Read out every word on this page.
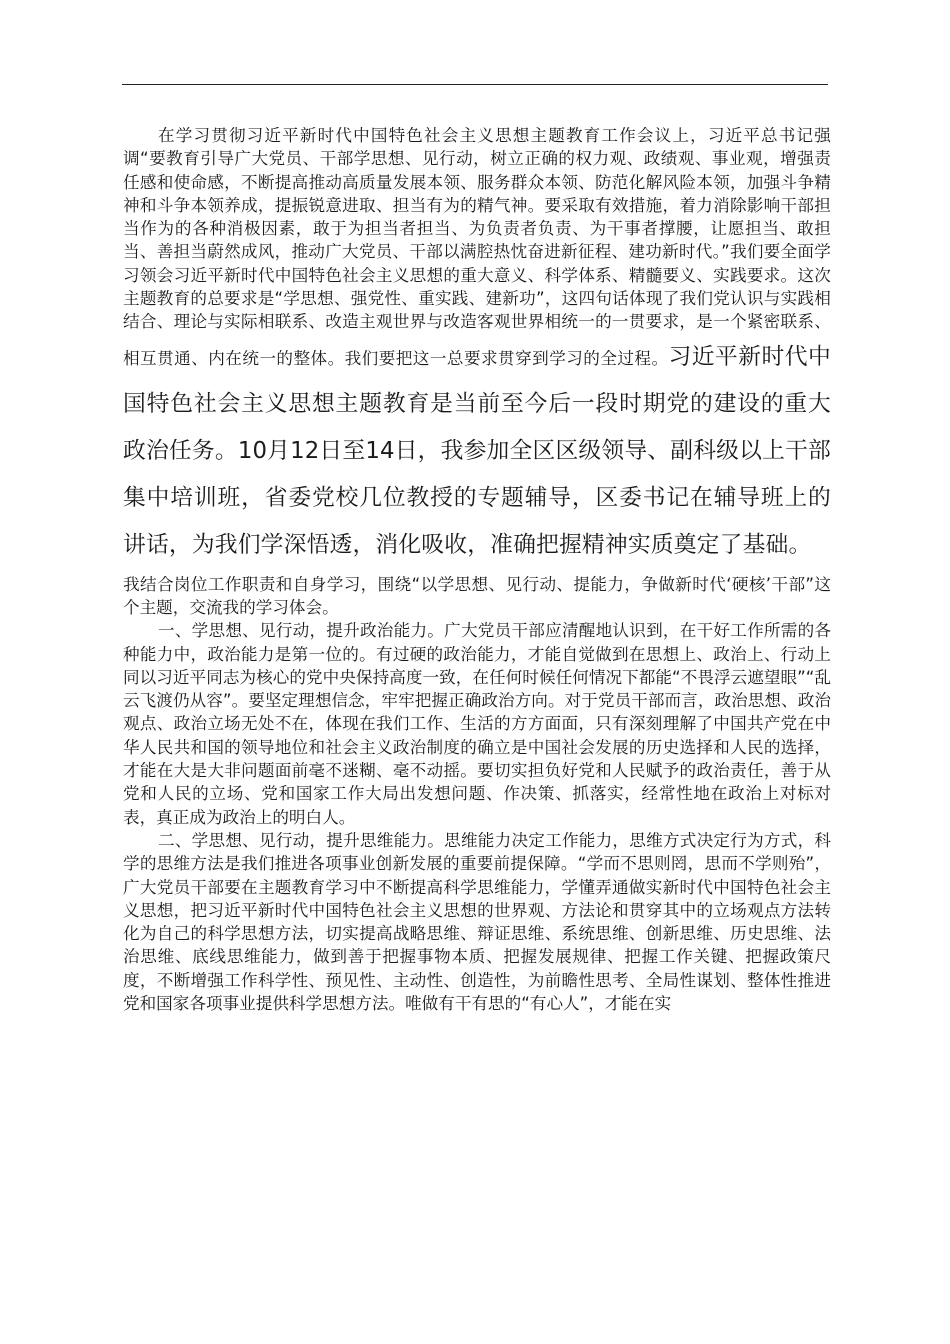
在学习贯彻习近平新时代中国特色社会主义思想主题教育工作会议上，习近平总书记强调“要教育引导广大党员、干部学思想、见行动，树立正确的权力观、政绩观、事业观，增强责任感和使命感，不断提高推动高质量发展本领、服务群众本领、防范化解风险本领，加强斗争精神和斗争本领养成，提振锐意进取、担当有为的精气神。要采取有效措施，着力消除影响干部担当作为的各种消极因素，敢于为担当者担当、为负责者负责、为干事者撑腰，让愿担当、敢担当、善担当蔚然成风，推动广大党员、干部以满腔热忱奋进新征程、建功新时代。”我们要全面学习领会习近平新时代中国特色社会主义思想的重大意义、科学体系、精髓要义、实践要求。这次主题教育的总要求是“学思想、强党性、重实践、建新功”，这四句话体现了我们党认识与实践相结合、理论与实际相联系、改造主观世界与改造客观世界相统一的一贯要求，是一个紧密联系、相互贯通、内在统一的整体。我们要把这一总要求贯穿到学习的全过程。习近平新时代中国特色社会主义思想主题教育是当前至今后一段时期党的建设的重大政治任务。10月12日至14日，我参加全区区级领导、副科级以上干部集中培训班，省委党校几位教授的专题辅导，区委书记在辅导班上的讲话，为我们学深悟透，消化吸收，准确把握精神实质奠定了基础。

我结合岗位工作职责和自身学习，围绕“以学思想、见行动、提能力，争做新时代‘硬核’干部”这个主题，交流我的学习体会。

一、学思想、见行动，提升政治能力。广大党员干部应清醒地认识到，在干好工作所需的各种能力中，政治能力是第一位的。有过硬的政治能力，才能自觉做到在思想上、政治上、行动上同以习近平同志为核心的党中央保持高度一致，在任何时候任何情况下都能“不畏浮云遮望眼”“乱云飞渡仍从容”。要坚定理想信念，牢牢把握正确政治方向。对于党员干部而言，政治思想、政治观点、政治立场无处不在，体现在我们工作、生活的方方面面，只有深刻理解了中国共产党在中华人民共和国的领导地位和社会主义政治制度的确立是中国社会发展的历史选择和人民的选择，才能在大是大非问题面前毫不迷糊、毫不动摇。要切实担负好党和人民赋予的政治责任，善于从党和人民的立场、党和国家工作大局出发想问题、作决策、抓落实，经常性地在政治上对标对表，真正成为政治上的明白人。

二、学思想、见行动，提升思维能力。思维能力决定工作能力，思维方式决定行为方式，科学的思维方法是我们推进各项事业创新发展的重要前提保障。“学而不思则罔，思而不学则殆”，广大党员干部要在主题教育学习中不断提高科学思维能力，学懂弄通做实新时代中国特色社会主义思想，把习近平新时代中国特色社会主义思想的世界观、方法论和贯穿其中的立场观点方法转化为自己的科学思想方法，切实提高战略思维、辩证思维、系统思维、创新思维、历史思维、法治思维、底线思维能力，做到善于把握事物本质、把握发展规律、把握工作关键、把握政策尺度，不断增强工作科学性、预见性、主动性、创造性，为前瞻性思考、全局性谋划、整体性推进党和国家各项事业提供科学思想方法。唯做有干有思的“有心人”，才能在实
